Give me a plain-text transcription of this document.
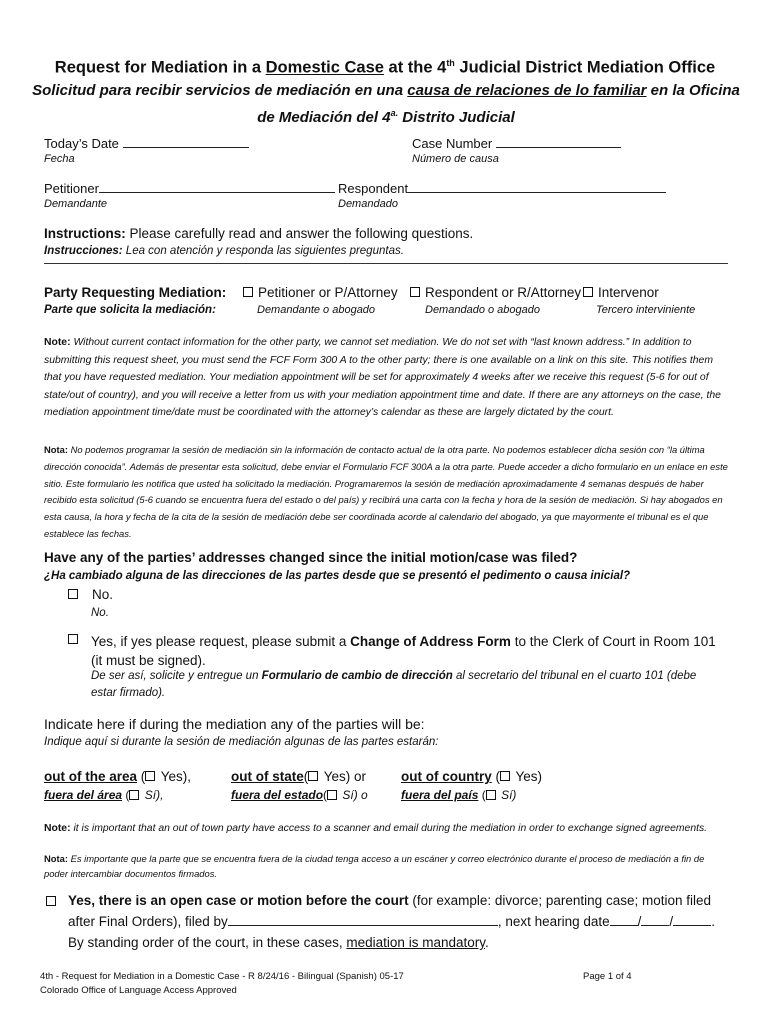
Request for Mediation in a Domestic Case at the 4th Judicial District Mediation Office
Solicitud para recibir servicios de mediación en una causa de relaciones de lo familiar en la Oficina de Mediación del $4^{a.}$ Distrito Judicial
Today’s Date
Fecha
Case Number
Número de causa
Petitioner
Demandante
Respondent
Demandado
Instructions: Please carefully read and answer the following questions.
Instrucciones: Lea con atención y responda las siguientes preguntas.
Party Requesting Mediation:
Parte que solicita la mediación:
Petitioner or P/Attorney
Demandante o abogado
Respondent or R/Attorney
Demandado o abogado
Intervenor
Tercero interviniente
Note: Without current contact information for the other party, we cannot set mediation. We do not set with “last known address.” In addition to submitting this request sheet, you must send the FCF Form 300 A to the other party; there is one available on a link on this site. This notifies them that you have requested mediation. Your mediation appointment will be set for approximately 4 weeks after we receive this request (5-6 for out of state/out of country), and you will receive a letter from us with your mediation appointment time and date. If there are any attorneys on the case, the mediation appointment time/date must be coordinated with the attorney’s calendar as these are largely dictated by the court.
Nota: No podemos programar la sesión de mediación sin la información de contacto actual de la otra parte. No podemos establecer dicha sesión con “la última dirección conocida”. Además de presentar esta solicitud, debe enviar el Formulario FCF 300A a la otra parte. Puede acceder a dicho formulario en un enlace en este sitio. Este formulario les notifica que usted ha solicitado la mediación. Programaremos la sesión de mediación aproximadamente 4 semanas después de haber recibido esta solicitud (5-6 cuando se encuentra fuera del estado o del país) y recibirá una carta con la fecha y hora de la sesión de mediación. Si hay abogados en esta causa, la hora y fecha de la cita de la sesión de mediación debe ser coordinada acorde al calendario del abogado, ya que mayormente el tribunal es el que establece las fechas.
Have any of the parties’ addresses changed since the initial motion/case was filed?
¿Ha cambiado alguna de las direcciones de las partes desde que se presentó el pedimento o causa inicial?
No.
No.
Yes, if yes please request, please submit a Change of Address Form to the Clerk of Court in Room 101 (it must be signed).
De ser así, solicite y entregue un Formulario de cambio de dirección al secretario del tribunal en el cuarto 101 (debe estar firmado).
Indicate here if during the mediation any of the parties will be:
Indique aquí si durante la sesión de mediación algunas de las partes estarán:
out of the area ( Yes),
fuera del área ( Sí),
out of state( Yes) or
fuera del estado( Sí) o
out of country ( Yes)
fuera del país ( Sí)
Note: it is important that an out of town party have access to a scanner and email during the mediation in order to exchange signed agreements.
Nota: Es importante que la parte que se encuentra fuera de la ciudad tenga acceso a un escáner y correo electrónico durante el proceso de mediación a fin de poder intercambiar documentos firmados.
Yes, there is an open case or motion before the court (for example: divorce; parenting case; motion filed after Final Orders), filed by	, next hearing date / /	. By standing order of the court, in these cases, mediation is mandatory.
4th - Request for Mediation in a Domestic Case - R 8/24/16 - Bilingual (Spanish) 05-17
Colorado Office of Language Access Approved
Page 1 of 4
